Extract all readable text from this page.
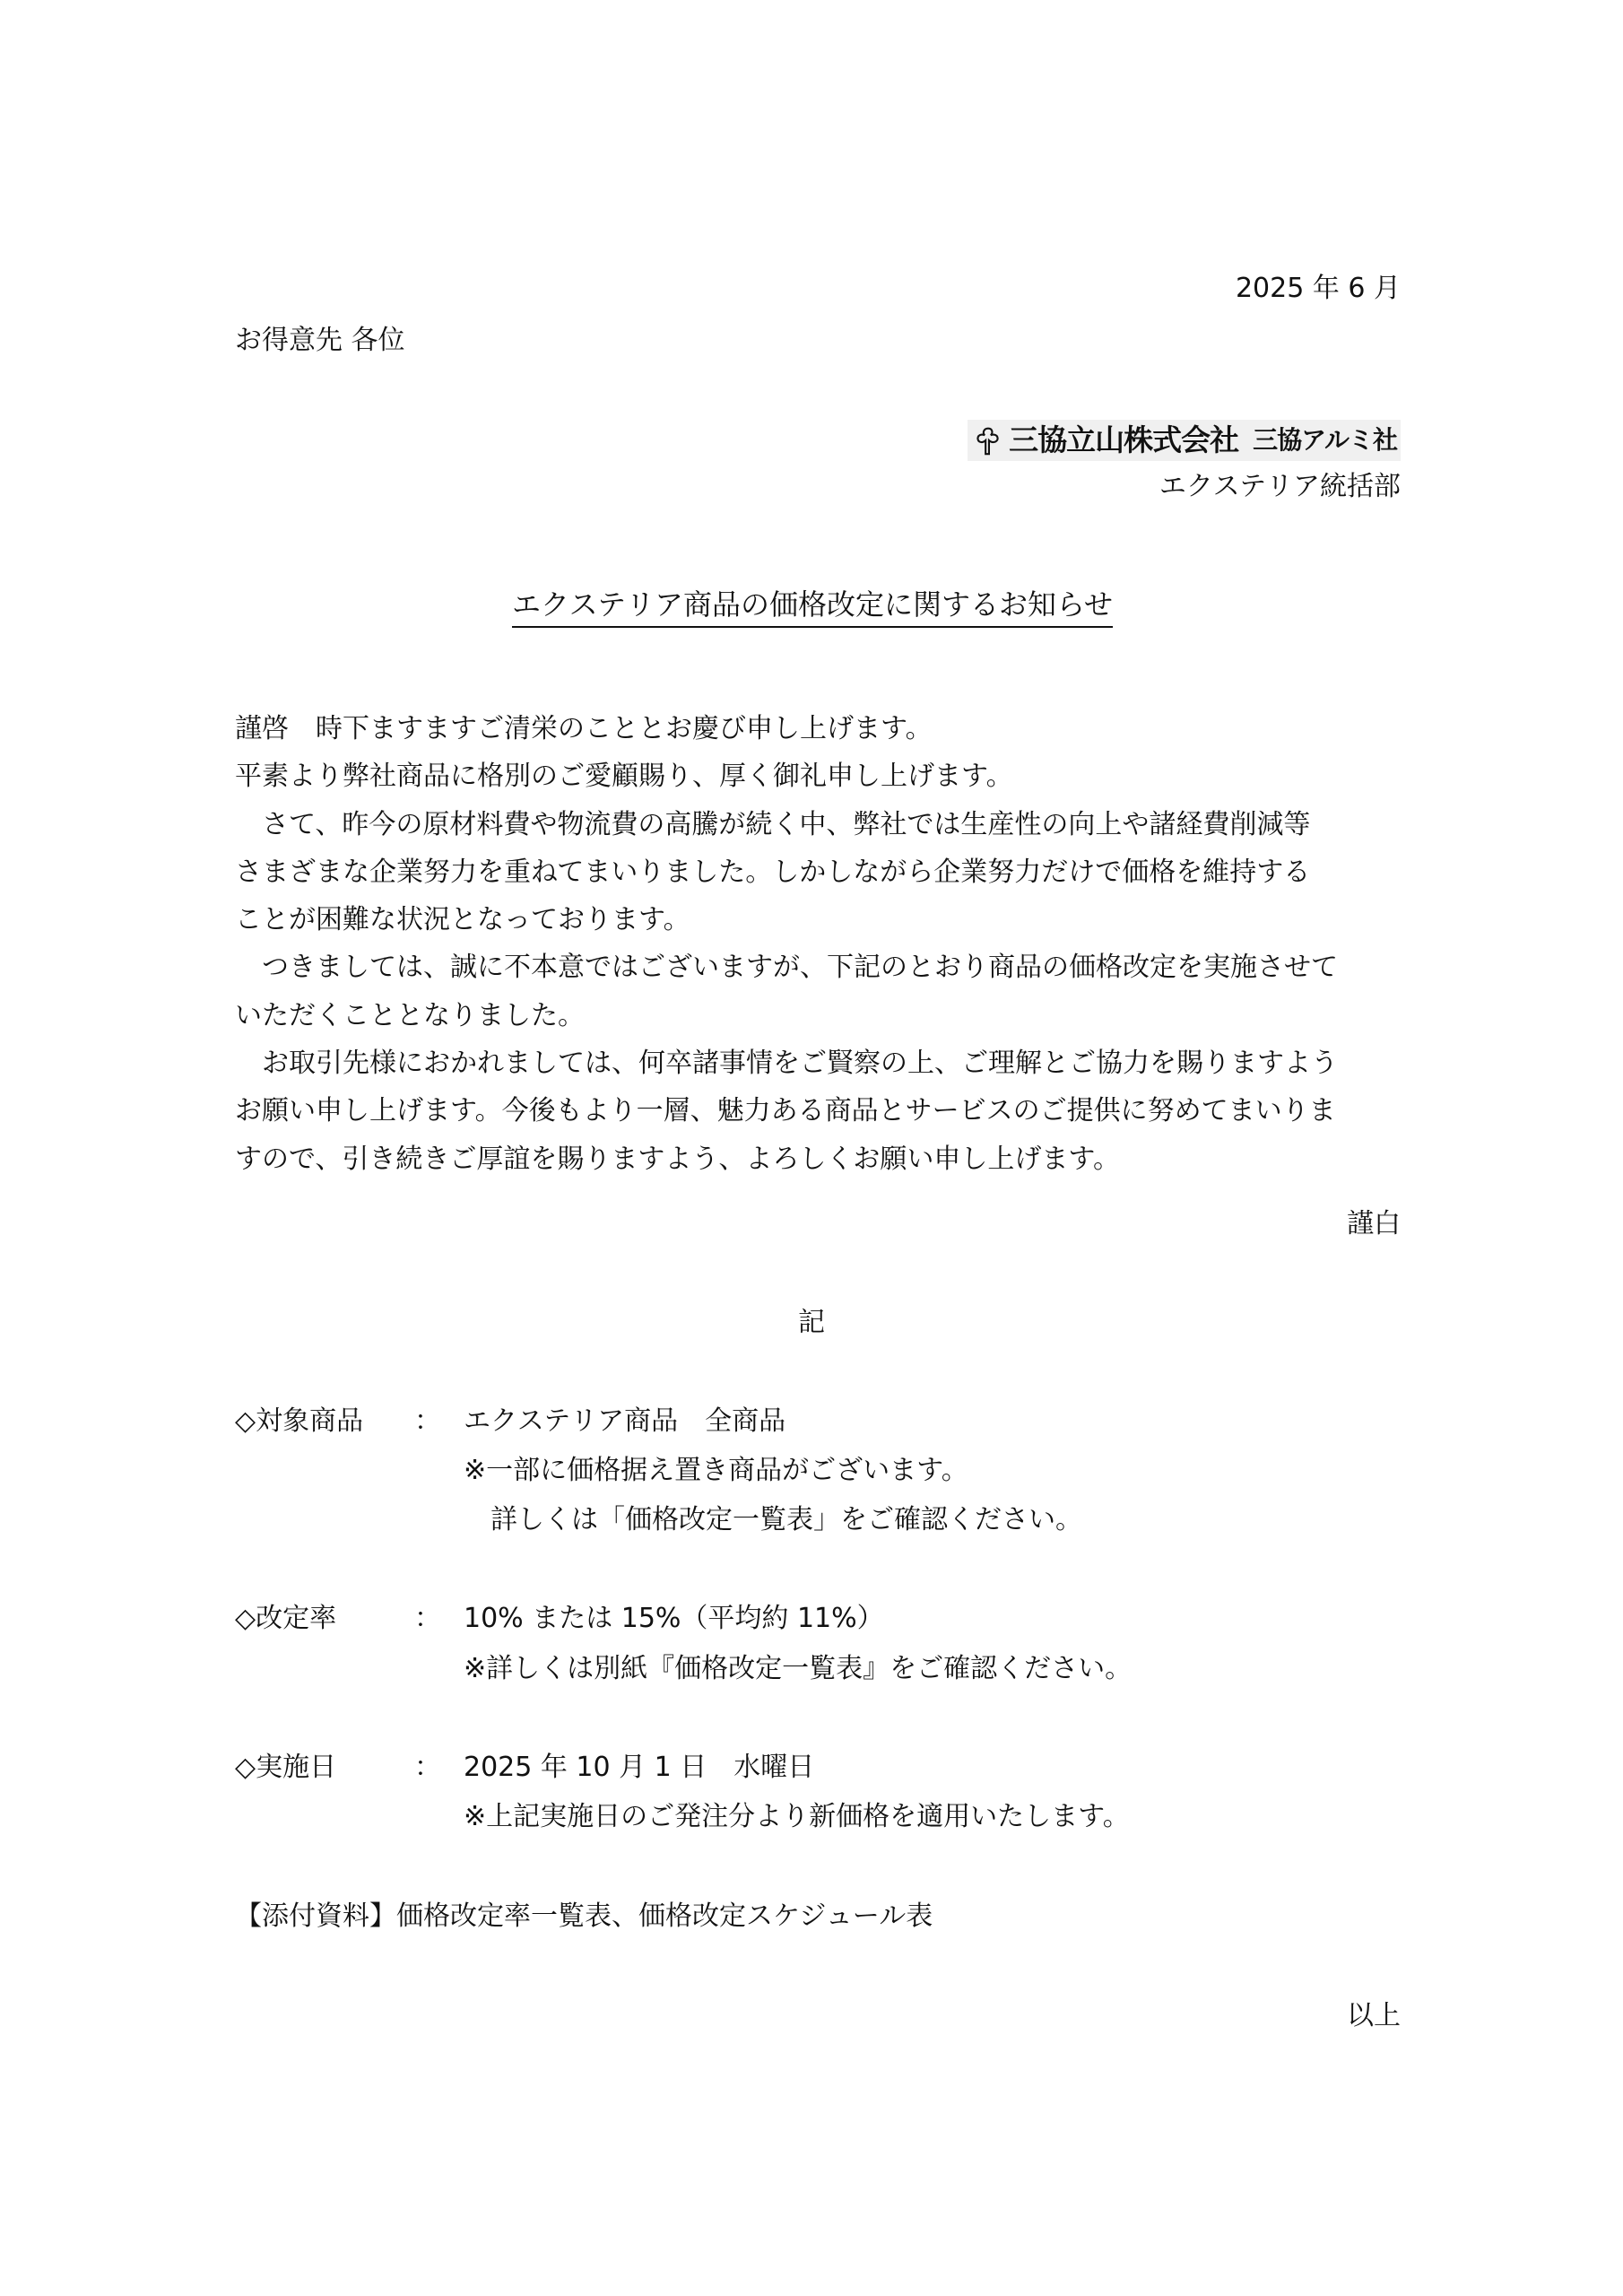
2025 年 6 月

お得意先 各位

三協立山株式会社 三協アルミ社

エクステリア統括部

エクステリア商品の価格改定に関するお知らせ

謹啓　時下ますますご清栄のこととお慶び申し上げます。

平素より弊社商品に格別のご愛顧賜り、厚く御礼申し上げます。

　さて、昨今の原材料費や物流費の高騰が続く中、弊社では生産性の向上や諸経費削減等

さまざまな企業努力を重ねてまいりました。しかしながら企業努力だけで価格を維持する

ことが困難な状況となっております。

　つきましては、誠に不本意ではございますが、下記のとおり商品の価格改定を実施させて

いただくこととなりました。

　お取引先様におかれましては、何卒諸事情をご賢察の上、ご理解とご協力を賜りますよう

お願い申し上げます。今後もより一層、魅力ある商品とサービスのご提供に努めてまいりま

すので、引き続きご厚誼を賜りますよう、よろしくお願い申し上げます。

謹白

記
◇対象商品 ： エクステリア商品　全商品
※一部に価格据え置き商品がございます。
詳しくは「価格改定一覧表」をご確認ください。
◇改定率	： 10% または 15%（平均約 11%）
※詳しくは別紙『価格改定一覧表』をご確認ください。
◇実施日	： 2025 年 10 月 1 日　水曜日
※上記実施日のご発注分より新価格を適用いたします。

【添付資料】価格改定率一覧表、価格改定スケジュール表

以上
